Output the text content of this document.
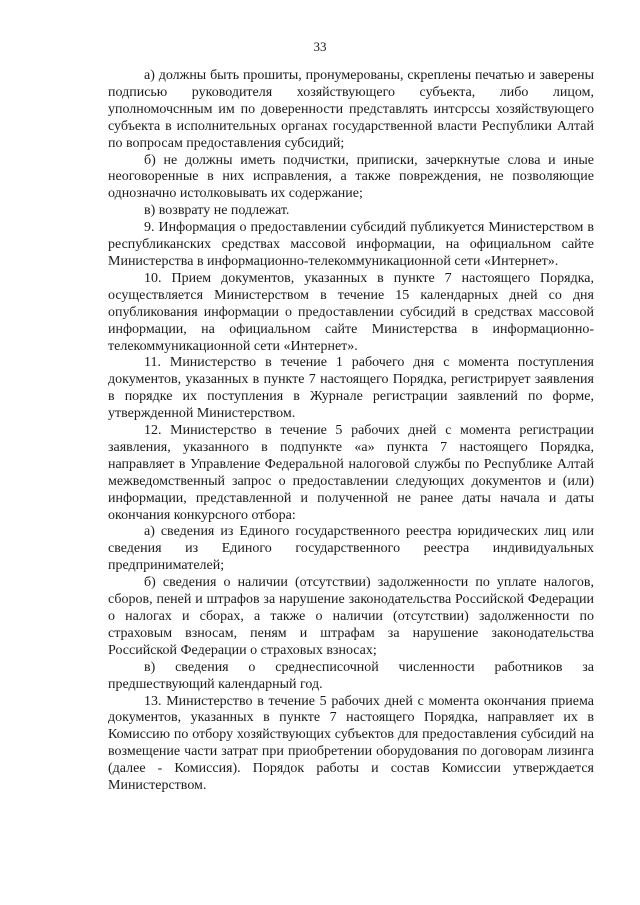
33

а) должны быть прошиты, пронумерованы, скреплены печатью и заверены подписью руководителя хозяйствующего субъекта, либо лицом, уполномочснным им по доверенности представлять интсрссы хозяйствующего субъекта в исполнительных органах государственной власти Республики Алтай по вопросам предоставления субсидий;

б) не должны иметь подчистки, приписки, зачеркнутые слова и иные неоговоренные в них исправления, а также повреждения, не позволяющие однозначно истолковывать их содержание;

в) возврату не подлежат.

9. Информация о предоставлении субсидий публикуется Министерством в республиканских средствах массовой информации, на официальном сайте Министерства в информационно-телекоммуникационной сети «Интернет».

10. Прием документов, указанных в пункте 7 настоящего Порядка, осуществляется Министерством в течение 15 календарных дней со дня опубликования информации о предоставлении субсидий в средствах массовой информации, на официальном сайте Министерства в информационно-телекоммуникационной сети «Интернет».

11. Министерство в течение 1 рабочего дня с момента поступления документов, указанных в пункте 7 настоящего Порядка, регистрирует заявления в порядке их поступления в Журнале регистрации заявлений по форме, утвержденной Министерством.

12. Министерство в течение 5 рабочих дней с момента регистрации заявления, указанного в подпункте «а» пункта 7 настоящего Порядка, направляет в Управление Федеральной налоговой службы по Республике Алтай межведомственный запрос о предоставлении следующих документов и (или) информации, представленной и полученной не ранее даты начала и даты окончания конкурсного отбора:

а) сведения из Единого государственного реестра юридических лиц или сведения из Единого государственного реестра индивидуальных предпринимателей;

б) сведения о наличии (отсутствии) задолженности по уплате налогов, сборов, пеней и штрафов за нарушение законодательства Российской Федерации о налогах и сборах, а также о наличии (отсутствии) задолженности по страховым взносам, пеням и штрафам за нарушение законодательства Российской Федерации о страховых взносах;

в) сведения о среднесписочной численности работников за предшествующий календарный год.

13. Министерство в течение 5 рабочих дней с момента окончания приема документов, указанных в пункте 7 настоящего Порядка, направляет их в Комиссию по отбору хозяйствующих субъектов для предоставления субсидий на возмещение части затрат при приобретении оборудования по договорам лизинга (далее - Комиссия). Порядок работы и состав Комиссии утверждается Министерством.
